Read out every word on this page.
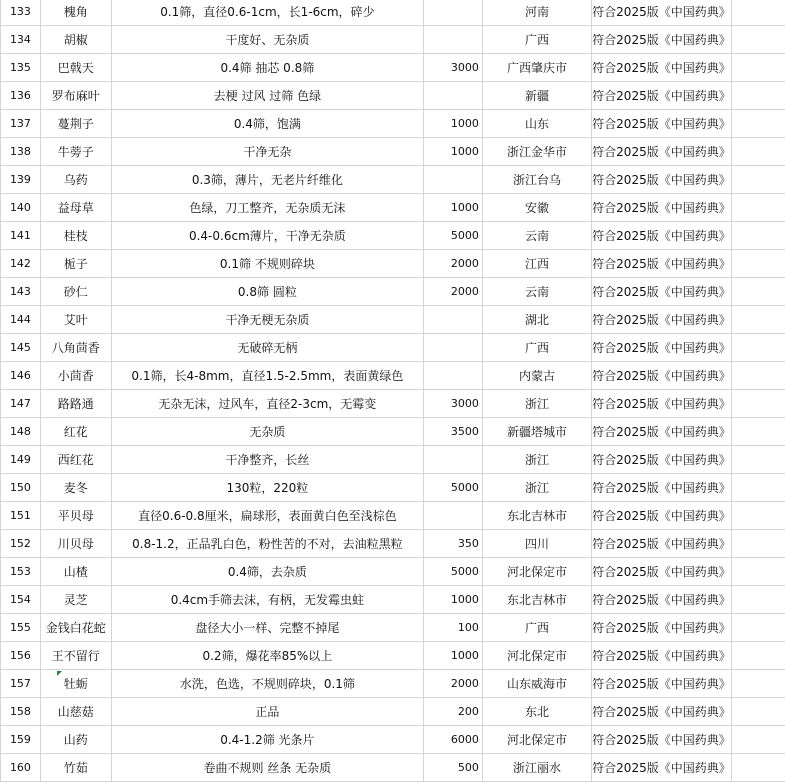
133	槐角	0.1筛，直径0.6-1cm，长1-6cm，碎少		河南	符合2025版《中国药典》	
134	胡椒	干度好、无杂质		广西	符合2025版《中国药典》	
135	巴戟天	0.4筛 抽芯 0.8筛	3000	广西肇庆市	符合2025版《中国药典》	
136	罗布麻叶	去梗 过风 过筛 色绿		新疆	符合2025版《中国药典》	
137	蔓荆子	0.4筛，饱满	1000	山东	符合2025版《中国药典》	
138	牛蒡子	干净无杂	1000	浙江金华市	符合2025版《中国药典》	
139	乌药	0.3筛，薄片，无老片纤维化		浙江台乌	符合2025版《中国药典》	
140	益母草	色绿，刀工整齐，无杂质无沫	1000	安徽	符合2025版《中国药典》	
141	桂枝	0.4-0.6cm薄片，干净无杂质	5000	云南	符合2025版《中国药典》	
142	栀子	0.1筛 不规则碎块	2000	江西	符合2025版《中国药典》	
143	砂仁	0.8筛 圆粒	2000	云南	符合2025版《中国药典》	
144	艾叶	干净无梗无杂质		湖北	符合2025版《中国药典》	
145	八角茴香	无破碎无柄		广西	符合2025版《中国药典》	
146	小茴香	0.1筛，长4-8mm，直径1.5-2.5mm，表面黄绿色		内蒙古	符合2025版《中国药典》	
147	路路通	无杂无沫，过风车，直径2-3cm，无霉变	3000	浙江	符合2025版《中国药典》	
148	红花	无杂质	3500	新疆塔城市	符合2025版《中国药典》	
149	西红花	干净整齐，长丝		浙江	符合2025版《中国药典》	
150	麦冬	130粒，220粒	5000	浙江	符合2025版《中国药典》	
151	平贝母	直径0.6-0.8厘米，扁球形，表面黄白色至浅棕色		东北吉林市	符合2025版《中国药典》	
152	川贝母	0.8-1.2，正品乳白色，粉性苦的不对，去油粒黑粒	350	四川	符合2025版《中国药典》	
153	山楂	0.4筛，去杂质	5000	河北保定市	符合2025版《中国药典》	
154	灵芝	0.4cm手筛去沫，有柄，无发霉虫蛀	1000	东北吉林市	符合2025版《中国药典》	
155	金钱白花蛇	盘径大小一样、完整不掉尾	100	广西	符合2025版《中国药典》	
156	王不留行	0.2筛，爆花率85%以上	1000	河北保定市	符合2025版《中国药典》	
157	牡蛎	水洗，色选，不规则碎块，0.1筛	2000	山东威海市	符合2025版《中国药典》	
158	山慈菇	正品	200	东北	符合2025版《中国药典》	
159	山药	0.4-1.2筛 光条片	6000	河北保定市	符合2025版《中国药典》	
160	竹茹	卷曲不规则 丝条 无杂质	500	浙江丽水	符合2025版《中国药典》	
